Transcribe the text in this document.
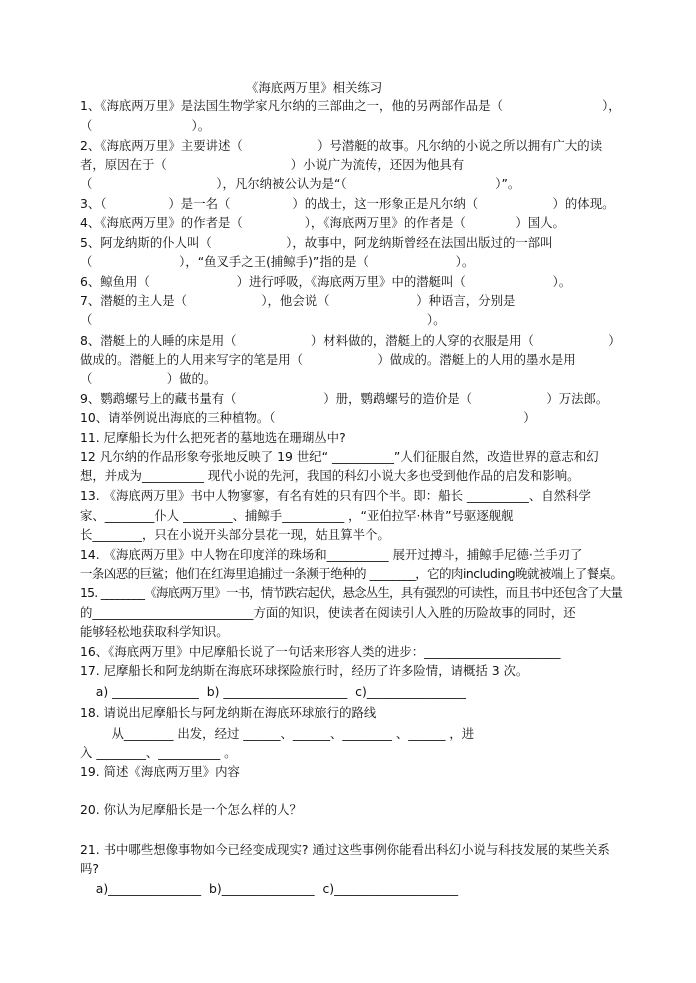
《海底两万里》相关练习
1、《海底两万里》是法国生物学家凡尔纳的三部曲之一，他的另两部作品是（　　　　　　　　），
（　　　　　　　　）。
2、《海底两万里》主要讲述（　　　　　　）号潜艇的故事。凡尔纳的小说之所以拥有广大的读
者，原因在于（　　　　　　　　　　）小说广为流传，还因为他具有
（　　　　　　　　　　），凡尔纳被公认为是“（　　　　　　　　　　　　）”。
3、（　　　　　）是一名（　　　　　）的战士，这一形象正是凡尔纳（　　　　　　）的体现。
4、《海底两万里》的作者是（　　　　　），《海底两万里》的作者是（　　　　）国人。
5、阿龙纳斯的仆人叫（　　　　　　），故事中，阿龙纳斯曾经在法国出版过的一部叫
（　　　　　　　），“鱼叉手之王(捕鲸手)”指的是（　　　　　　　）。
6、鲸鱼用（　　　　　　　）进行呼吸，《海底两万里》中的潜艇叫（　　　　　　　）。
7、潜艇的主人是（　　　　　　），他会说（　　　　　　　）种语言，分别是
（　　　　　　　　　　　　　　　　　　　　　　　　　　　）。
8、潜艇上的人睡的床是用（　　　　　　）材料做的，潜艇上的人穿的衣服是用（　　　　　　）
做成的。潜艇上的人用来写字的笔是用（　　　　　　）做成的。潜艇上的人用的墨水是用
（　　　　　　）做的。
9、鹦鹉螺号上的藏书量有（　　　　　　　）册，鹦鹉螺号的造价是（　　　　　　）万法郎。
10、请举例说出海底的三种植物。（　　　　　　　　　　　　　　　　　　　　）
11. 尼摩船长为什么把死者的墓地选在珊瑚丛中?
12 凡尔纳的作品形象夸张地反映了 19 世纪“ __________”人们征服自然，改造世界的意志和幻
想，并成为__________ 现代小说的先河，我国的科幻小说大多也受到他作品的启发和影响。
13. 《海底两万里》书中人物寥寥，有名有姓的只有四个半。即：船长 __________、自然科学
家、________仆人 ________、捕鲸手__________ ，“亚伯拉罕·林肯”号驱逐舰舰
长________，只在小说开头部分昙花一现，姑且算半个。
14. 《海底两万里》中人物在印度洋的珠场和__________ 展开过搏斗，捕鲸手尼德·兰手刃了
一条凶恶的巨鲨；他们在红海里追捕过一条濒于绝种的 ________，它的肉including晚就被端上了餐桌。
15. ________《海底两万里》一书，情节跌宕起伏，悬念丛生，具有强烈的可读性，而且书中还包含了大量
的__________________________方面的知识，使读者在阅读引人入胜的历险故事的同时，还
能够轻松地获取科学知识。
16、《海底两万里》中尼摩船长说了一句话来形容人类的进步：______________________
17. 尼摩船长和阿龙纳斯在海底环球探险旅行时，经历了许多险情，请概括 3 次。
a) ______________  b) ____________________  c)________________
18. 请说出尼摩船长与阿龙纳斯在海底环球旅行的路线
从________ 出发，经过 ______、______、________ 、______ ，进
入 ________、__________ 。
19. 简述《海底两万里》内容
20. 你认为尼摩船长是一个怎么样的人？
21. 书中哪些想像事物如今已经变成现实? 通过这些事例你能看出科幻小说与科技发展的某些关系
吗?
a)_______________  b)_______________  c)____________________
